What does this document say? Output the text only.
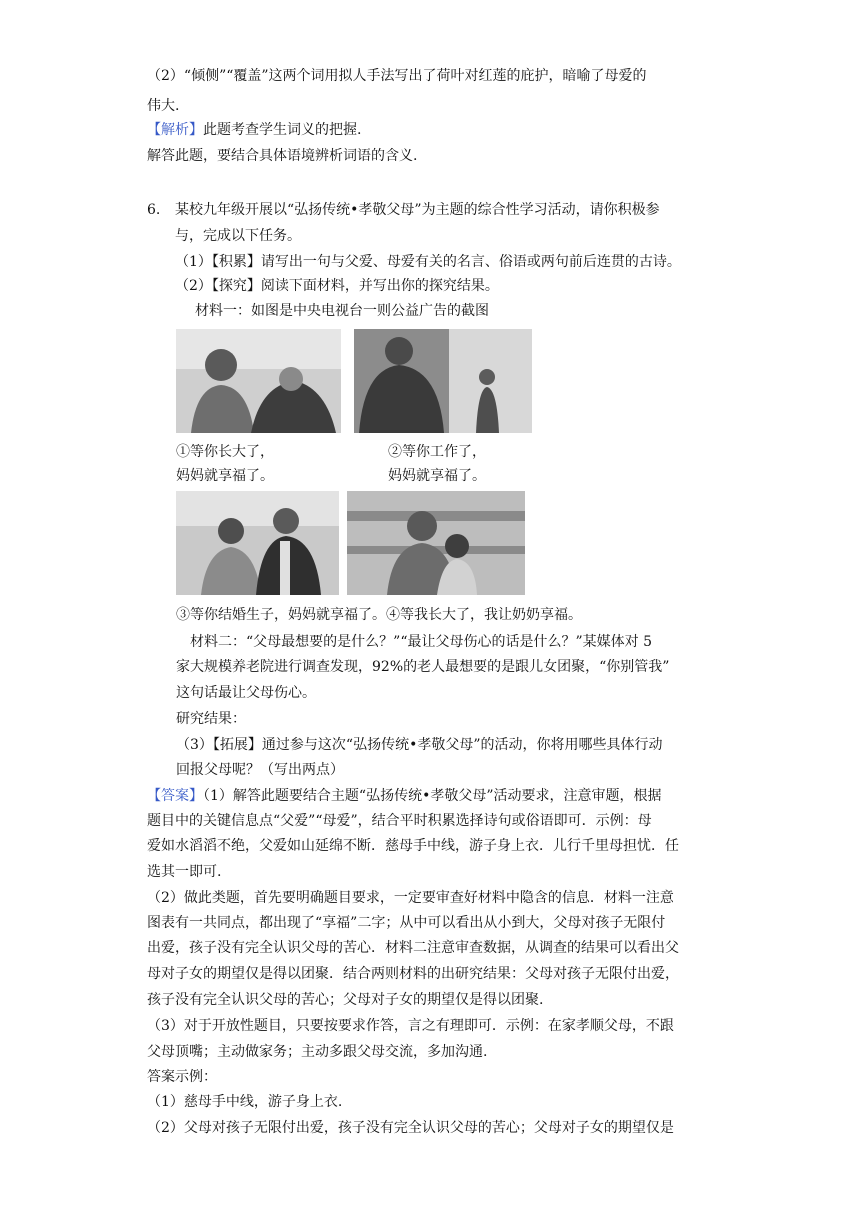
（2）“倾侧”“覆盖”这两个词用拟人手法写出了荷叶对红莲的庇护，暗喻了母爱的
伟大.
【解析】此题考查学生词义的把握.
解答此题，要结合具体语境辨析词语的含义.
6. 某校九年级开展以“弘扬传统•孝敬父母”为主题的综合性学习活动，请你积极参
与，完成以下任务。
（1）【积累】请写出一句与父爱、母爱有关的名言、俗语或两句前后连贯的古诗。
（2）【探究】阅读下面材料，并写出你的探究结果。
材料一：如图是中央电视台一则公益广告的截图
①等你长大了，
妈妈就享福了。
②等你工作了，
妈妈就享福了。
③等你结婚生子，妈妈就享福了。④等我长大了，我让奶奶享福。
材料二：“父母最想要的是什么？”“最让父母伤心的话是什么？”某媒体对 5
家大规模养老院进行调查发现，92%的老人最想要的是跟儿女团聚，“你别管我”
这句话最让父母伤心。
研究结果：
（3）【拓展】通过参与这次“弘扬传统•孝敬父母”的活动，你将用哪些具体行动
回报父母呢？（写出两点）
【答案】（1）解答此题要结合主题“弘扬传统•孝敬父母”活动要求，注意审题，根据
题目中的关键信息点“父爱”“母爱”，结合平时积累选择诗句或俗语即可．示例：母
爱如水滔滔不绝，父爱如山延绵不断．慈母手中线，游子身上衣．儿行千里母担忧．任
选其一即可.
（2）做此类题，首先要明确题目要求，一定要审查好材料中隐含的信息．材料一注意
图表有一共同点，都出现了“享福”二字；从中可以看出从小到大，父母对孩子无限付
出爱，孩子没有完全认识父母的苦心．材料二注意审查数据，从调查的结果可以看出父
母对子女的期望仅是得以团聚．结合两则材料的出研究结果：父母对孩子无限付出爱，
孩子没有完全认识父母的苦心；父母对子女的期望仅是得以团聚.
（3）对于开放性题目，只要按要求作答，言之有理即可．示例：在家孝顺父母，不跟
父母顶嘴；主动做家务；主动多跟父母交流，多加沟通.
答案示例：
（1）慈母手中线，游子身上衣.
（2）父母对孩子无限付出爱，孩子没有完全认识父母的苦心；父母对子女的期望仅是
